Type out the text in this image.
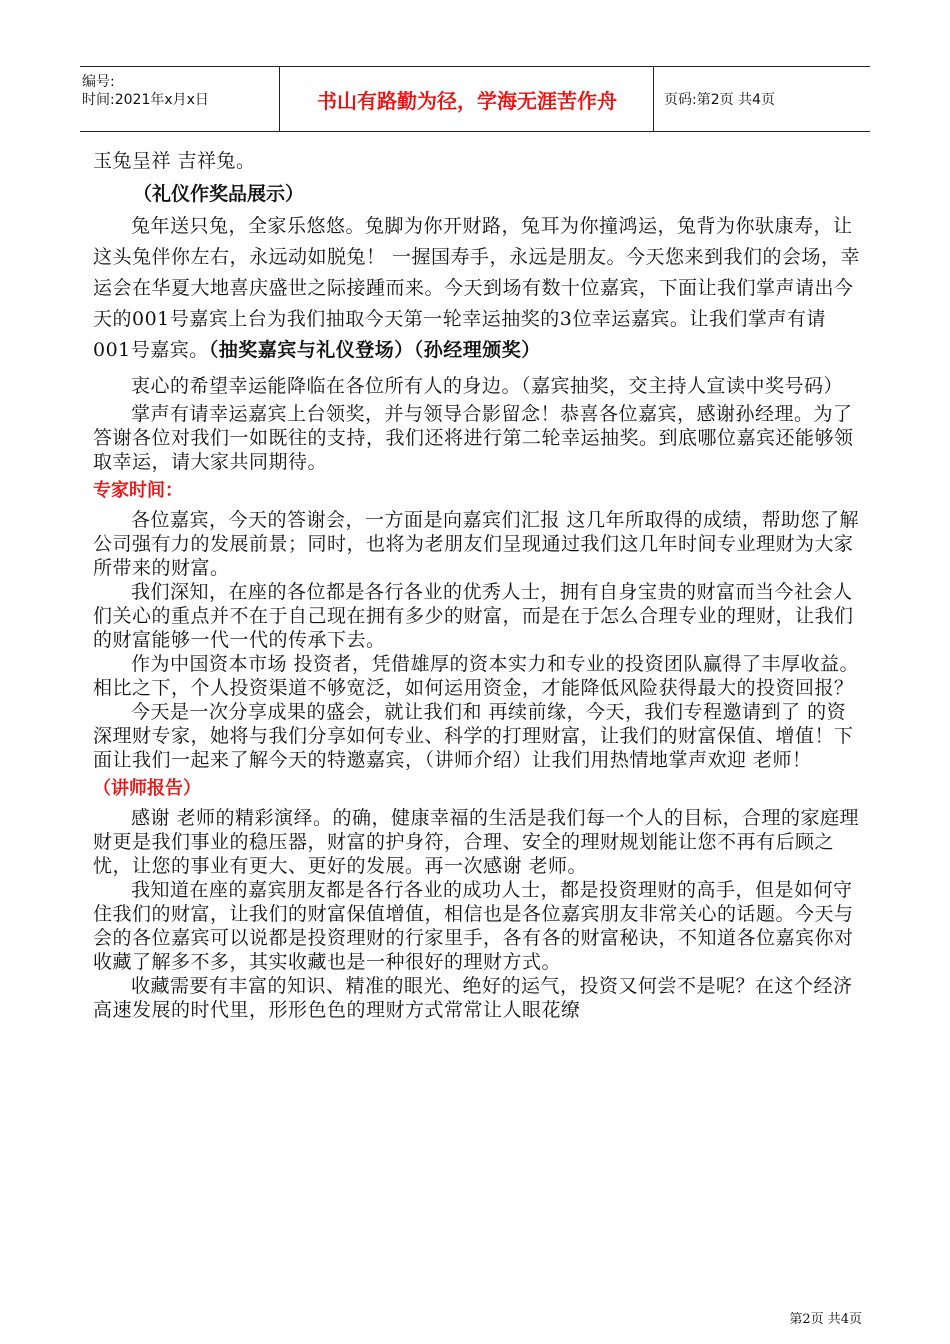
编号:
时间:2021年x月x日	书山有路勤为径，学海无涯苦作舟	页码:第2页 共4页

玉兔呈祥 吉祥兔。

（礼仪作奖品展示）

兔年送只兔，全家乐悠悠。兔脚为你开财路，兔耳为你撞鸿运，兔背为你驮康寿，让这头兔伴你左右，永远动如脱兔！ 一握国寿手，永远是朋友。今天您来到我们的会场，幸运会在华夏大地喜庆盛世之际接踵而来。今天到场有数十位嘉宾，下面让我们掌声请出今天的001号嘉宾上台为我们抽取今天第一轮幸运抽奖的3位幸运嘉宾。让我们掌声有请001号嘉宾。（抽奖嘉宾与礼仪登场）（孙经理颁奖）

衷心的希望幸运能降临在各位所有人的身边。（嘉宾抽奖，交主持人宣读中奖号码）

掌声有请幸运嘉宾上台领奖，并与领导合影留念！恭喜各位嘉宾，感谢孙经理。为了答谢各位对我们一如既往的支持，我们还将进行第二轮幸运抽奖。到底哪位嘉宾还能够领取幸运，请大家共同期待。

专家时间：

各位嘉宾，今天的答谢会，一方面是向嘉宾们汇报 这几年所取得的成绩，帮助您了解公司强有力的发展前景；同时，也将为老朋友们呈现通过我们这几年时间专业理财为大家所带来的财富。

我们深知，在座的各位都是各行各业的优秀人士，拥有自身宝贵的财富而当今社会人们关心的重点并不在于自己现在拥有多少的财富，而是在于怎么合理专业的理财，让我们的财富能够一代一代的传承下去。

作为中国资本市场 投资者，凭借雄厚的资本实力和专业的投资团队赢得了丰厚收益。相比之下，个人投资渠道不够宽泛，如何运用资金，才能降低风险获得最大的投资回报？

今天是一次分享成果的盛会，就让我们和 再续前缘，今天，我们专程邀请到了 的资深理财专家，她将与我们分享如何专业、科学的打理财富，让我们的财富保值、增值！下面让我们一起来了解今天的特邀嘉宾，（讲师介绍）让我们用热情地掌声欢迎 老师！

（讲师报告）

感谢 老师的精彩演绎。的确，健康幸福的生活是我们每一个人的目标，合理的家庭理财更是我们事业的稳压器，财富的护身符，合理、安全的理财规划能让您不再有后顾之忧，让您的事业有更大、更好的发展。再一次感谢 老师。

我知道在座的嘉宾朋友都是各行各业的成功人士，都是投资理财的高手，但是如何守住我们的财富，让我们的财富保值增值，相信也是各位嘉宾朋友非常关心的话题。今天与会的各位嘉宾可以说都是投资理财的行家里手，各有各的财富秘诀，不知道各位嘉宾你对收藏了解多不多，其实收藏也是一种很好的理财方式。

收藏需要有丰富的知识、精准的眼光、绝好的运气，投资又何尝不是呢？在这个经济高速发展的时代里，形形色色的理财方式常常让人眼花缭

第2页 共4页
